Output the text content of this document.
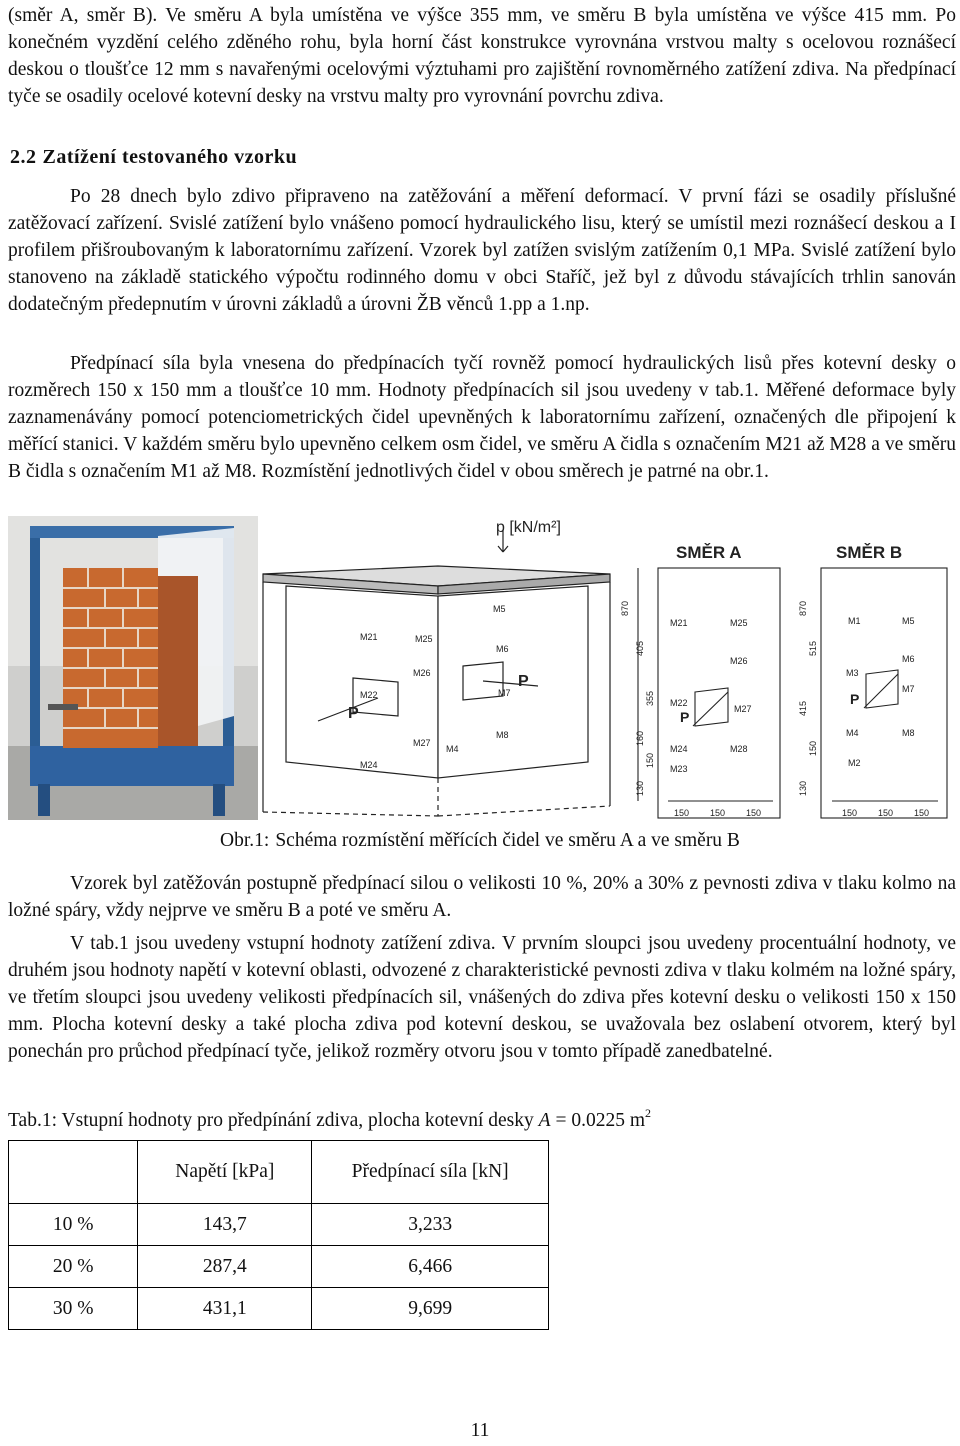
(směr A, směr B). Ve směru A byla umístěna ve výšce 355 mm, ve směru B byla umístěna ve výšce 415 mm. Po konečném vyzdění celého zděného rohu, byla horní část konstrukce vyrovnána vrstvou malty s ocelovou roznášecí deskou o tloušťce 12 mm s navařenými ocelovými výztuhami pro zajištění rovnoměrného zatížení zdiva. Na předpínací tyče se osadily ocelové kotevní desky na vrstvu malty pro vyrovnání povrchu zdiva.

2.2 Zatížení testovaného vzorku

Po 28 dnech bylo zdivo připraveno na zatěžování a měření deformací. V první fázi se osadily příslušné zatěžovací zařízení. Svislé zatížení bylo vnášeno pomocí hydraulického lisu, který se umístil mezi roznášecí deskou a I profilem přišroubovaným k laboratornímu zařízení. Vzorek byl zatížen svislým zatížením 0,1 MPa. Svislé zatížení bylo stanoveno na základě statického výpočtu rodinného domu v obci Staříč, jež byl z důvodu stávajících trhlin sanován dodatečným předepnutím v úrovni základů a úrovni ŽB věnců 1.pp a 1.np.

Předpínací síla byla vnesena do předpínacích tyčí rovněž pomocí hydraulických lisů přes kotevní desky o rozměrech 150 x 150 mm a tloušťce 10 mm. Hodnoty předpínacích sil jsou uvedeny v tab.1. Měřené deformace byly zaznamenávány pomocí potenciometrických čidel upevněných k laboratornímu zařízení, označených dle připojení k měřící stanici. V každém směru bylo upevněno celkem osm čidel, ve směru A čidla s označením M21 až M28 a ve směru B čidla s označením M1 až M8. Rozmístění jednotlivých čidel v obou směrech je patrné na obr.1.

p [kN/m²]
P
P
M5
M21	M25
M6
M26
M7
M22
M27
M4
M24
M8
SMĚR A
M21	M25
M26
M22
M27
M24	M28
M23
870
405
355
160
150
130
150 150 150
SMĚR B
M1	M5
M6
M3
M7
M4	M8
M2
P
P
870
515
415
150
130
150 150 150

Obr.1: Schéma rozmístění měřících čidel ve směru A a ve směru B

Vzorek byl zatěžován postupně předpínací silou o velikosti 10 %, 20% a 30% z pevnosti zdiva v tlaku kolmo na ložné spáry, vždy nejprve ve směru B a poté ve směru A.

V tab.1 jsou uvedeny vstupní hodnoty zatížení zdiva. V prvním sloupci jsou uvedeny procentuální hodnoty, ve druhém jsou hodnoty napětí v kotevní oblasti, odvozené z charakteristické pevnosti zdiva v tlaku kolmém na ložné spáry, ve třetím sloupci jsou uvedeny velikosti předpínacích sil, vnášených do zdiva přes kotevní desku o velikosti 150 x 150 mm. Plocha kotevní desky a také plocha zdiva pod kotevní deskou, se uvažovala bez oslabení otvorem, který byl ponechán pro průchod předpínací tyče, jelikož rozměry otvoru jsou v tomto případě zanedbatelné.

Tab.1: Vstupní hodnoty pro předpínání zdiva, plocha kotevní desky A = 0.0225 $m^2$

	Napětí [kPa]	Předpínací síla [kN]
10 %	143,7	3,233
20 %	287,4	6,466
30 %	431,1	9,699
11
